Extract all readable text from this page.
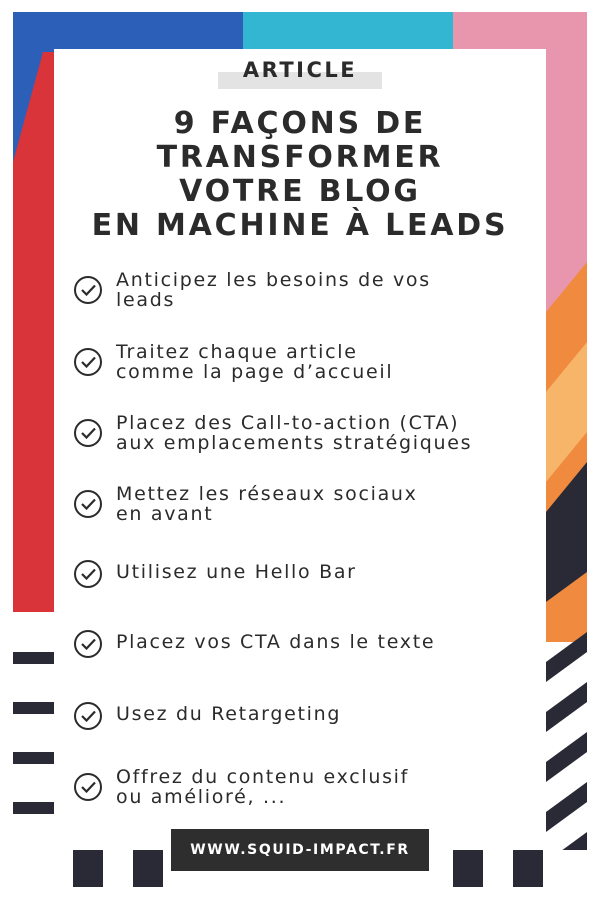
ARTICLE
9 FAÇONS DE
TRANSFORMER
VOTRE BLOG
EN MACHINE À LEADS
Anticipez les besoins de vos
leads
Traitez chaque article
comme la page d’accueil
Placez des Call-to-action (CTA)
aux emplacements stratégiques
Mettez les réseaux sociaux
en avant
Utilisez une Hello Bar
Placez vos CTA dans le texte
Usez du Retargeting
Offrez du contenu exclusif
ou amélioré, ...
WWW.SQUID-IMPACT.FR
